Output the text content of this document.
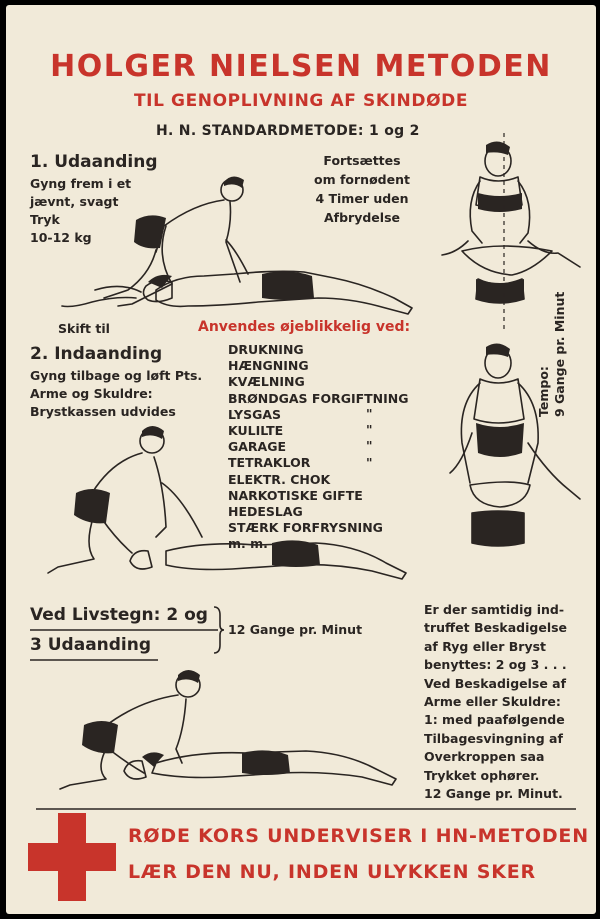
HOLGER NIELSEN METODEN
TIL GENOPLIVNING AF SKINDØDE
H. N. STANDARDMETODE: 1 og 2
1. Udaanding
Gyng frem i et
jævnt, svagt
Tryk
10-12 kg
Fortsættes
om fornødent
4 Timer uden
Afbrydelse
Skift til	Anvendes øjeblikkelig ved:
2. Indaanding
Gyng tilbage og løft Pts.
Arme og Skuldre:
Brystkassen udvides
DRUKNING
HÆNGNING
KVÆLNING
BRØNDGAS FORGIFTNING
LYSGAS
KULILTE
GARAGE
TETRAKLOR
ELEKTR. CHOK
NARKOTISKE GIFTE
HEDESLAG
STÆRK FORFRYSNING
m. m.
"
"
"
"
Tempo: 9 Gange pr. Minut
Ved Livstegn: 2 og
3 Udaanding
12 Gange pr. Minut
Er der samtidig ind-
truffet Beskadigelse
af Ryg eller Bryst
benyttes: 2 og 3 . . .
Ved Beskadigelse af
Arme eller Skuldre:
1: med paafølgende
Tilbagesvingning af
Overkroppen saa
Trykket ophører.
12 Gange pr. Minut.
RØDE KORS UNDERVISER I HN-METODEN
LÆR DEN NU, INDEN ULYKKEN SKER
